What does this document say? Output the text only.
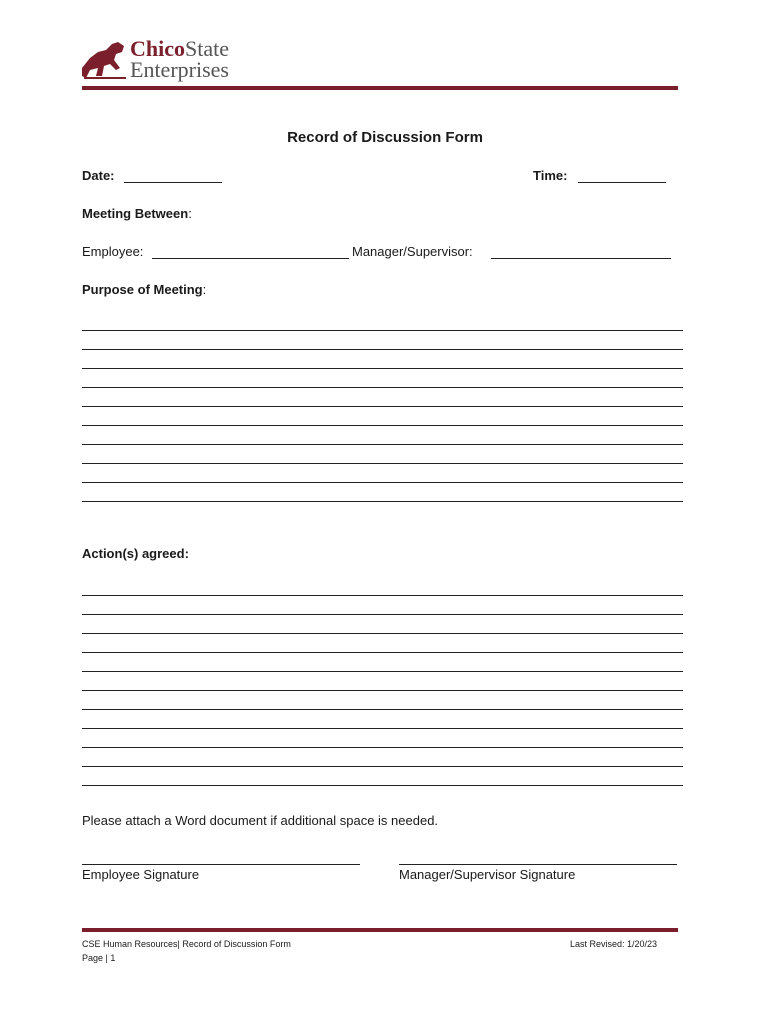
ChicoState
Enterprises
Record of Discussion Form
Date:	Time:
Meeting Between:
Employee:	Manager/Supervisor:
Purpose of Meeting:
Action(s) agreed:
Please attach a Word document if additional space is needed.
Employee Signature	Manager/Supervisor Signature
CSE Human Resources| Record of Discussion Form
Page | 1
Last Revised: 1/20/23
